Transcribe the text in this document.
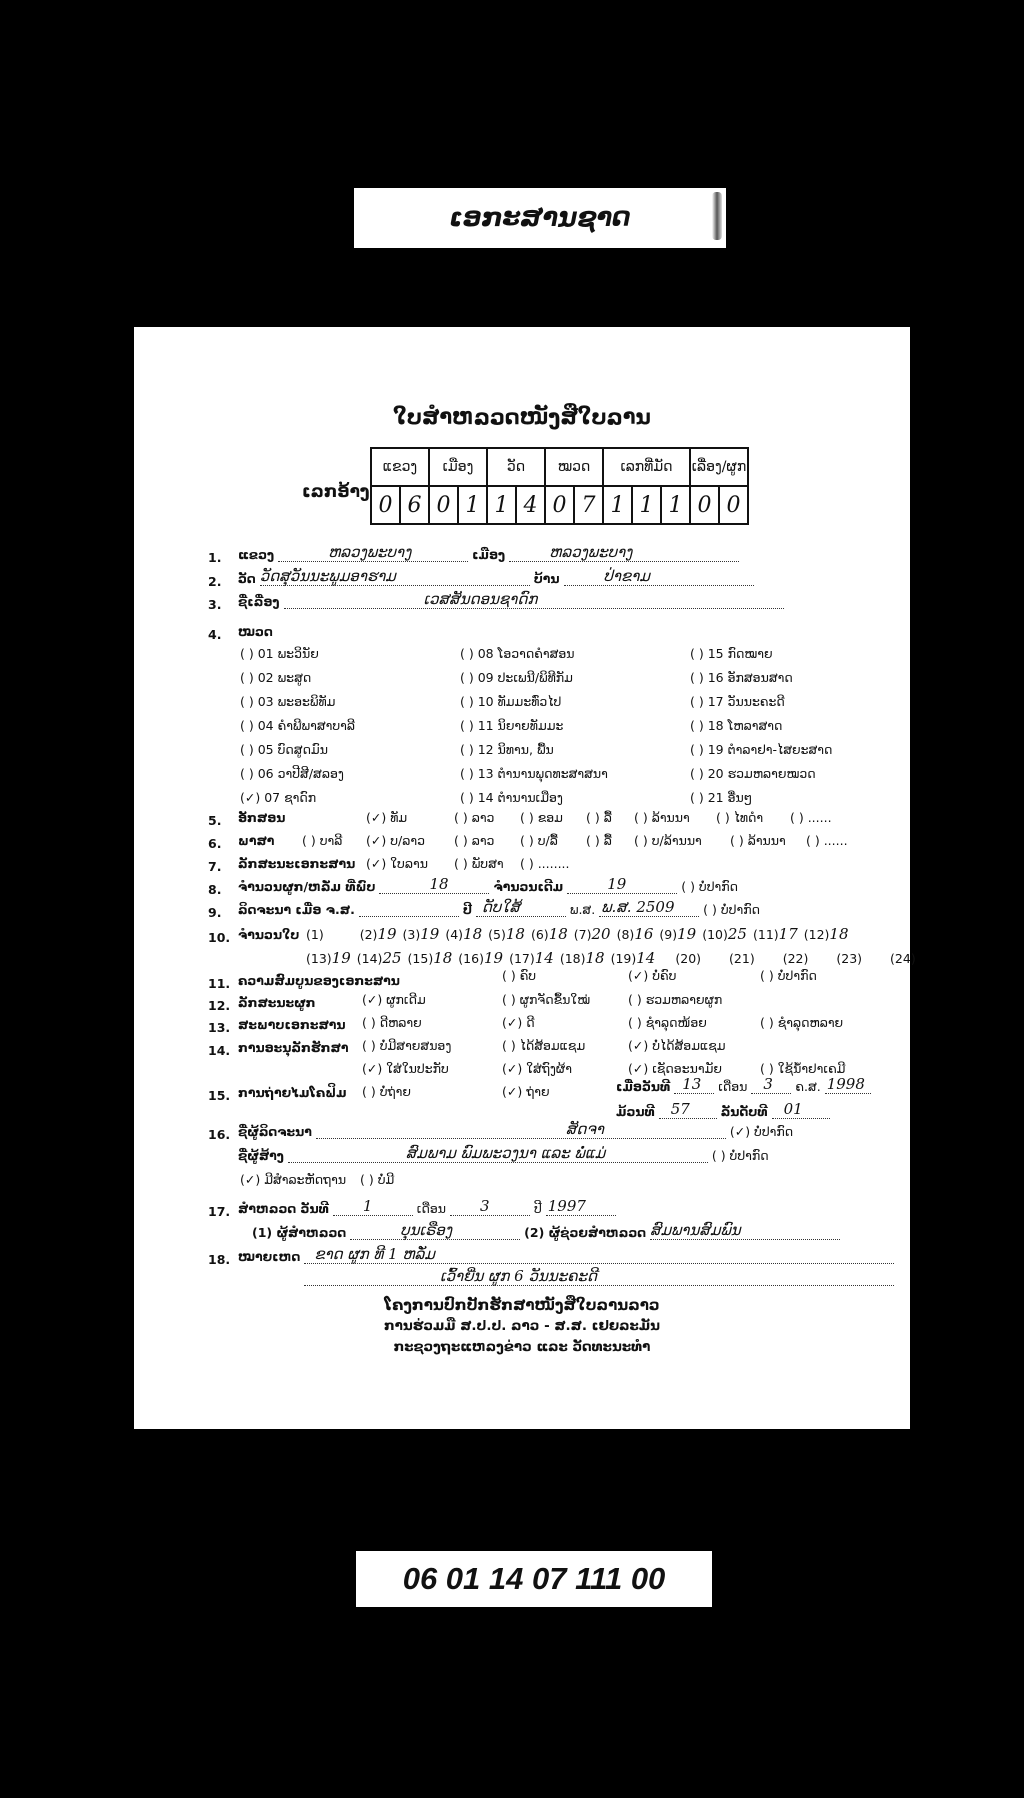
ເອກະສານຊາດ
ໃບສຳຫລວດໜັງສືໃບລານ
ເລກອ້າງ
ແຂວງ		ເມືອງ		ວັດ		ໝວດ		ເລກທີ່ມັດ			ເລື່ອງ/ຜູກ	
0	6	0	1	1	4	0	7	1	1	1	0	0
1. ແຂວງ	ຫລວງພະບາງ	ເມືອງ	ຫລວງພະບາງ
2. ວັດ ວັດສຸວັນນະພູມອາຮາມ	ບ້ານ	ປ່າຂາມ
3. ຊື່ເລື່ອງ	ເວສສັນດອນຊາດົກ
4. ໝວດ
( ) 01 ພະວິນັຍ
( ) 02 ພະສູດ
( ) 03 ພະອະພິທັມ
( ) 04 ຄຳພີພາສາບາລີ
( ) 05 ບົດສູດມົນ
( ) 06 ວາປີສີ/ສລອງ
(✓) 07 ຊາດົກ
( ) 08 ໂອວາດຄຳສອນ
( ) 09 ປະເພນີ/ພິທີກັມ
( ) 10 ທັມມະທົ່ວໄປ
( ) 11 ນິຍາຍທັມມະ
( ) 12 ນິທານ, ພື້ນ
( ) 13 ຕຳນານພຸດທະສາສນາ
( ) 14 ຕຳນານເມືອງ
( ) 15 ກົດໝາຍ
( ) 16 ອັກສອນສາດ
( ) 17 ວັນນະຄະດີ
( ) 18 ໂຫລາສາດ
( ) 19 ຕຳລາຢາ-ໄສຍະສາດ
( ) 20 ຮວມຫລາຍໝວດ
( ) 21 ອື່ນໆ
5. ອັກສອນ	(✓) ທັມ	( ) ລາວ ( ) ຂອມ ( ) ລື້ ( ) ລ້ານນາ ( ) ໄທດຳ ( ) ......
6. ພາສາ ( ) ບາລີ (✓) ບ/ລາວ ( ) ລາວ ( ) ບ/ລື້ ( ) ລື້ ( ) ບ/ລ້ານນາ ( ) ລ້ານນາ ( ) ......
7. ລັກສະນະເອກະສານ (✓) ໃບລານ ( ) ພັບສາ ( ) ........
8. ຈຳນວນຜູກ/ຫລັ່ມ ທີ່ພົບ	18	ຈຳນວນເດີມ	19	( ) ບໍ່ປາກົດ
9. ລິດຈະນາ ເມື່ອ ຈ.ສ.	ປີ ດັບໃສ້	ພ.ສ. ພ.ສ. 2509 ( ) ບໍ່ປາກົດ
10. ຈຳນວນໃບ (1)	(2)19 (3)19 (4)18 (5)18 (6)18 (7)20 (8)16 (9)19 (10)25 (11)17 (12)18
(13)19 (14)25 (15)18 (16)19 (17)14 (18)18 (19)14 (20) (21) (22) (23) (24)
11. ຄວາມສົມບູນຂອງເອກະສານ	( ) ຄົບ	(✓) ບໍ່ຄົບ	( ) ບໍ່ປາກົດ
12. ລັກສະນະຜູກ	(✓) ຜູກເດີມ	( ) ຜູກຈັດຂຶ້ນໃໝ່	( ) ຮວມຫລາຍຜູກ
13. ສະພາບເອກະສານ ( ) ດີຫລາຍ	(✓) ດີ	( ) ຊຳລຸດໜ້ອຍ	( ) ຊຳລຸດຫລາຍ
14. ການອະນຸລັກຮັກສາ ( ) ບໍ່ມີສາຍສນອງ	( ) ໄດ້ສ້ອມແຊມ	(✓) ບໍ່ໄດ້ສ້ອມແຊມ
(✓) ໃສ່ໃນປະກັບ	(✓) ໃສ່ຖົງຜ້າ	(✓) ເຊັດອະນາມັຍ	( ) ໃຊ້ນ້ຳຢາເຄມີ
15. ການຖ່າຍໄມໂຄຟິມ ( ) ບໍ່ຖ່າຍ	(✓) ຖ່າຍ	ເມື່ອວັນທີ 13 ເດືອນ 3 ຄ.ສ. 1998
ມ້ວນທີ 57 ລັນດັບທີ 01
16. ຊື່ຜູ້ລິດຈະນາ	ສັດຈາ	(✓) ບໍ່ປາກົດ
ຊື່ຜູ້ສ້າງ	ສົມພາມ ພົມພະວງນາ ແລະ ພໍ່ແມ່	( ) ບໍ່ປາກົດ
(✓) ມີສຳລະຫັດຖານ ( ) ບໍ່ມີ
17. ສຳຫລວດ ວັນທີ 1	ເດືອນ 3	ປີ 1997
(1) ຜູ້ສຳຫລວດ	ບຸນເຣືອງ	(2) ຜູ້ຊ່ວຍສຳຫລວດ ສົມພານສົມພົນ
18. ໝາຍເຫດ ຂາດ ຜູກ ທີ 1 ຫລັ່ມ
ເວົ້າຍີ່ນ ຜູກ 6 ວັນນະຄະດີ
ໂຄງການປົກປັກຮັກສາໜັງສືໃບລານລາວ
ການຮ່ວມມື ສ.ປ.ປ. ລາວ - ສ.ສ. ເຢຍລະມັນ
ກະຊວງຖະແຫລງຂ່າວ ແລະ ວັດທະນະທຳ
06 01 14 07 111 00
